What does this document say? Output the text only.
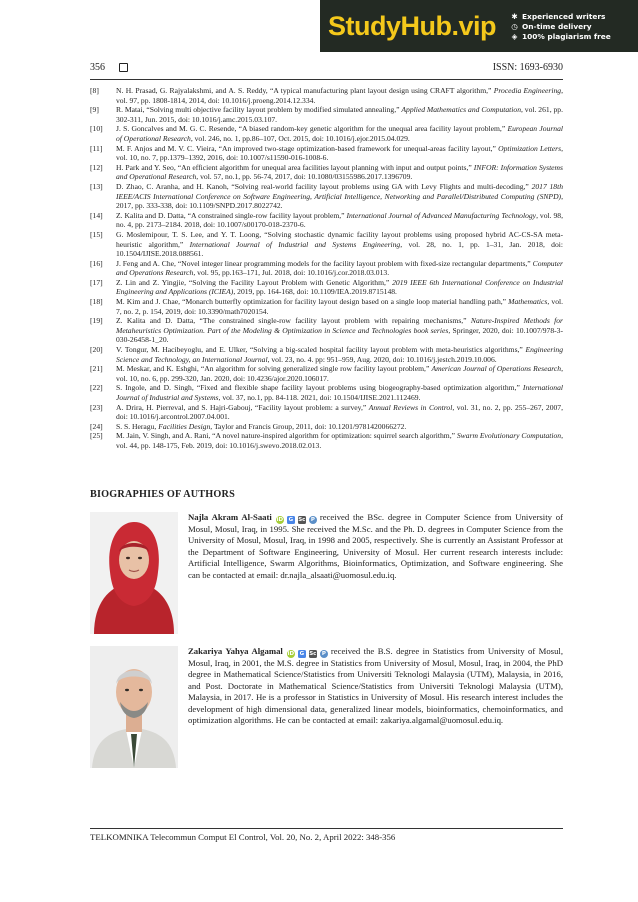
StudyHub.vip	✱ Experienced writers
◷ On-time delivery
◈ 100% plagiarism free
356	ISSN: 1693-6930
[8]	N. H. Prasad, G. Rajyalakshmi, and A. S. Reddy, “A typical manufacturing plant layout design using CRAFT algorithm,” Procedia Engineering, vol. 97, pp. 1808-1814, 2014, doi: 10.1016/j.proeng.2014.12.334.
[9]	R. Matai, “Solving multi objective facility layout problem by modified simulated annealing,” Applied Mathematics and Computation, vol. 261, pp. 302-311, Jun. 2015, doi: 10.1016/j.amc.2015.03.107.
[10]	J. S. Goncalves and M. G. C. Resende, “A biased random-key genetic algorithm for the unequal area facility layout problem,” European Journal of Operational Research, vol. 246, no. 1, pp.86–107, Oct. 2015, doi: 10.1016/j.ejor.2015.04.029.
[11]	M. F. Anjos and M. V. C. Vieira, “An improved two-stage optimization-based framework for unequal-areas facility layout,” Optimization Letters, vol. 10, no. 7, pp.1379–1392, 2016, doi: 10.1007/s11590-016-1008-6.
[12]	H. Park and Y. Seo, “An efficient algorithm for unequal area facilities layout planning with input and output points,” INFOR: Information Systems and Operational Research, vol. 57, no.1, pp. 56-74, 2017, doi: 10.1080/03155986.2017.1396709.
[13]	D. Zhao, C. Aranha, and H. Kanoh, “Solving real-world facility layout problems using GA with Levy Flights and multi-decoding,” 2017 18th IEEE/ACIS International Conference on Software Engineering, Artificial Intelligence, Networking and Parallel/Distributed Computing (SNPD), 2017, pp. 333-338, doi: 10.1109/SNPD.2017.8022742.
[14]	Z. Kalita and D. Datta, “A constrained single-row facility layout problem,” International Journal of Advanced Manufacturing Technology, vol. 98, no. 4, pp. 2173–2184. 2018, doi: 10.1007/s00170-018-2370-6.
[15]	G. Moslemipour, T. S. Lee, and Y. T. Loong, “Solving stochastic dynamic facility layout problems using proposed hybrid AC-CS-SA meta-heuristic algorithm,” International Journal of Industrial and Systems Engineering, vol. 28, no. 1, pp. 1–31, Jan. 2018, doi: 10.1504/IJISE.2018.088561.
[16]	J. Feng and A. Che, “Novel integer linear programming models for the facility layout problem with fixed-size rectangular departments,” Computer and Operations Research, vol. 95, pp.163–171, Jul. 2018, doi: 10.1016/j.cor.2018.03.013.
[17]	Z. Lin and Z. Yingjie, “Solving the Facility Layout Problem with Genetic Algorithm,” 2019 IEEE 6th International Conference on Industrial Engineering and Applications (ICIEA), 2019, pp. 164-168, doi: 10.1109/IEA.2019.8715148.
[18]	M. Kim and J. Chae, “Monarch butterfly optimization for facility layout design based on a single loop material handling path,” Mathematics, vol. 7, no. 2, p. 154, 2019, doi: 10.3390/math7020154.
[19]	Z. Kalita and D. Datta, “The constrained single-row facility layout problem with repairing mechanisms,” Nature-Inspired Methods for Metaheuristics Optimization. Part of the Modeling & Optimization in Science and Technologies book series, Springer, 2020, doi: 10.1007/978-3-030-26458-1_20.
[20]	V. Tongur, M. Hacibeyoglu, and E. Ulker, “Solving a big-scaled hospital facility layout problem with meta-heuristics algorithms,” Engineering Science and Technology, an International Journal, vol. 23, no. 4. pp: 951–959, Aug. 2020, doi: 10.1016/j.jestch.2019.10.006.
[21]	M. Meskar, and K. Eshghi, “An algorithm for solving generalized single row facility layout problem,” American Journal of Operations Research, vol. 10, no. 6, pp. 299-320, Jan. 2020, doi: 10.4236/ajor.2020.106017.
[22]	S. Ingole, and D. Singh, “Fixed and flexible shape facility layout problems using biogeography-based optimization algorithm,” International Journal of Industrial and Systems, vol. 37, no.1, pp. 84-118. 2021, doi: 10.1504/IJISE.2021.112469.
[23]	A. Drira, H. Pierreval, and S. Hajri-Gabouj, “Facility layout problem: a survey,” Annual Reviews in Control, vol. 31, no. 2, pp. 255–267, 2007, doi: 10.1016/j.arcontrol.2007.04.001.
[24]	S. S. Heragu, Facilities Design, Taylor and Francis Group, 2011, doi: 10.1201/9781420066272.
[25]	M. Jain, V. Singh, and A. Rani, “A novel nature-inspired algorithm for optimization: squirrel search algorithm,” Swarm Evolutionary Computation, vol. 44, pp. 148-175, Feb. 2019, doi: 10.1016/j.swevo.2018.02.013.
BIOGRAPHIES OF AUTHORS
Najla Akram Al-Saati iD	G Sc P received the BSc. degree in Computer Science from University of Mosul, Mosul, Iraq, in 1995. She received the M.Sc. and the Ph. D. degrees in Computer Science from the University of Mosul, Mosul, Iraq, in 1998 and 2005, respectively. She is currently an Assistant Professor at the Department of Software Engineering, University of Mosul. Her current research interests include: Artificial Intelligence, Swarm Algorithms, Bioinformatics, Optimization, and Software engineering. She can be contacted at email: dr.najla_alsaati@uomosul.edu.iq.
Zakariya Yahya Algamal iD	G Sc P received the B.S. degree in Statistics from University of Mosul, Mosul, Iraq, in 2001, the M.S. degree in Statistics from University of Mosul, Mosul, Iraq, in 2004, the PhD degree in Mathematical Science/Statistics from Universiti Teknologi Malaysia (UTM), Malaysia, in 2016, and Post. Doctorate in Mathematical Science/Statistics from Universiti Teknologi Malaysia (UTM), Malaysia, in 2017. He is a professor in Statistics in University of Mosul. His research interest includes the development of high dimensional data, generalized linear models, bioinformatics, chemoinformatics, and optimization algorithms. He can be contacted at email: zakariya.algamal@uomosul.edu.iq.
TELKOMNIKA Telecommun Comput El Control, Vol. 20, No. 2, April 2022: 348-356
